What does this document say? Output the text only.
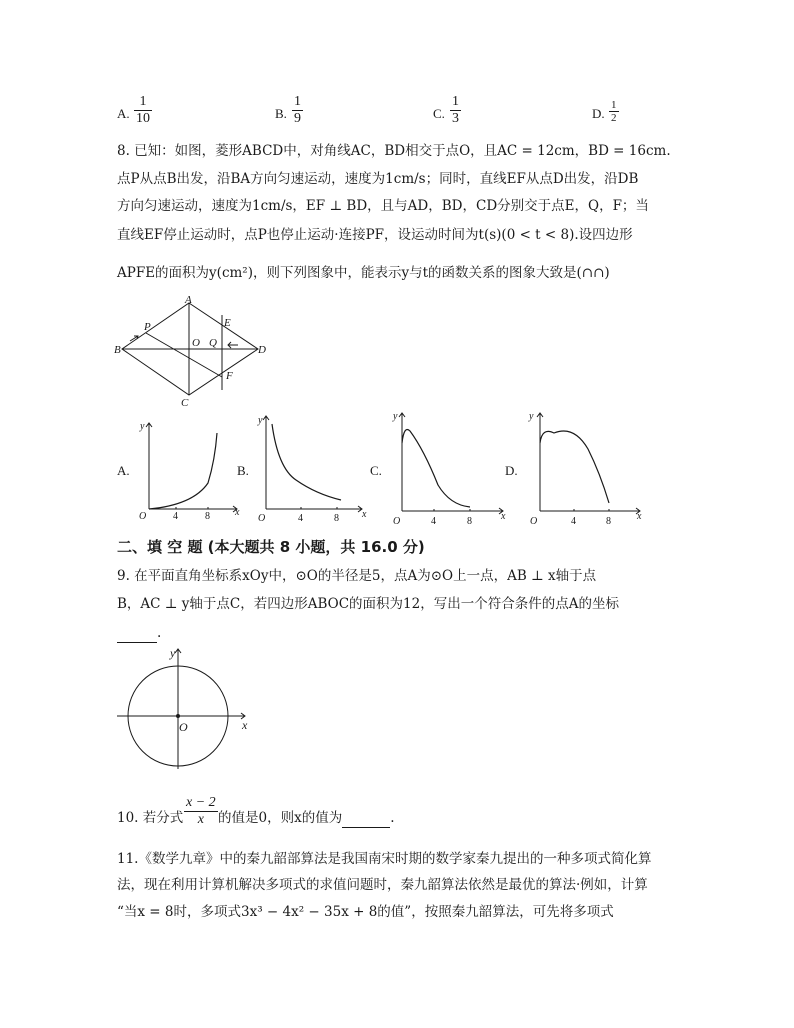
A. $\frac{1}{10}$	B. $\frac{1}{9}$	C. $\frac{1}{3}$	D. $\frac{1}{2}$
8. 已知：如图，菱形ABCD中，对角线AC，BD相交于点O，且AC = 12cm，BD = 16cm.
点P从点B出发，沿BA方向匀速运动，速度为1cm/s；同时，直线EF从点D出发，沿DB
方向匀速运动，速度为1cm/s，EF ⊥ BD，且与AD，BD，CD分别交于点E，Q，F；当
直线EF停止运动时，点P也停止运动·连接PF，设运动时间为t(s)(0 < t < 8).设四边形
APFE的面积为y(cm²)，则下列图象中，能表示y与t的函数关系的图象大致是(∩∩)
A
B
C
D
O Q
P	E
F
A.
y
x
O	4	8
B.
y
x
O	4	8
C.
y
x
O	4	8
D.
y
x
O	4	8
二、填 空 题 (本大题共 8 小题，共 16.0 分)
9. 在平面直角坐标系xOy中，⊙O的半径是5，点A为⊙O上一点，AB ⊥ x轴于点
B，AC ⊥ y轴于点C，若四边形ABOC的面积为12，写出一个符合条件的点A的坐标
.
y
x
O
10. 若分式 $\frac{x - 2}{x}$ 的值是0，则x的值为	.
11.《数学九章》中的秦九韶部算法是我国南宋时期的数学家秦九提出的一种多项式简化算
法，现在利用计算机解决多项式的求值问题时，秦九韶算法依然是最优的算法·例如，计算
“当x = 8时，多项式3x³ − 4x² − 35x + 8的值”，按照秦九韶算法，可先将多项式
